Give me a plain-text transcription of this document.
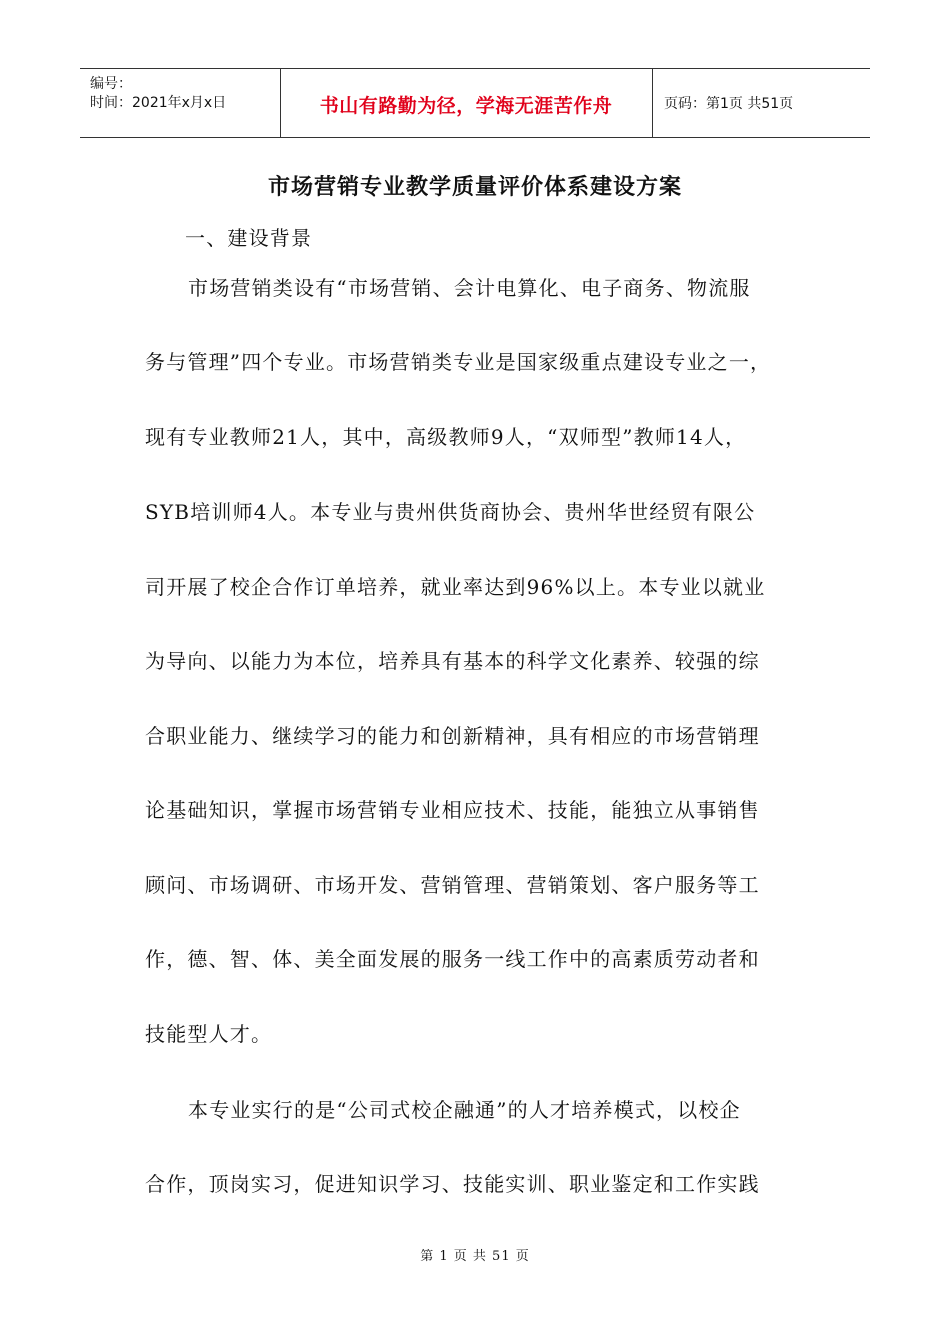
编号：
时间：2021年x月x日	书山有路勤为径，学海无涯苦作舟	页码：第1页 共51页
市场营销专业教学质量评价体系建设方案
一、建设背景
市场营销类设有“市场营销、会计电算化、电子商务、物流服
务与管理”四个专业。市场营销类专业是国家级重点建设专业之一，
现有专业教师21人，其中，高级教师9人，“双师型”教师14人，
SYB培训师4人。本专业与贵州供货商协会、贵州华世经贸有限公
司开展了校企合作订单培养，就业率达到96%以上。本专业以就业
为导向、以能力为本位，培养具有基本的科学文化素养、较强的综
合职业能力、继续学习的能力和创新精神，具有相应的市场营销理
论基础知识，掌握市场营销专业相应技术、技能，能独立从事销售
顾问、市场调研、市场开发、营销管理、营销策划、客户服务等工
作，德、智、体、美全面发展的服务一线工作中的高素质劳动者和
技能型人才。
本专业实行的是“公司式校企融通”的人才培养模式，以校企
合作，顶岗实习，促进知识学习、技能实训、职业鉴定和工作实践
第 1 页 共 51 页
